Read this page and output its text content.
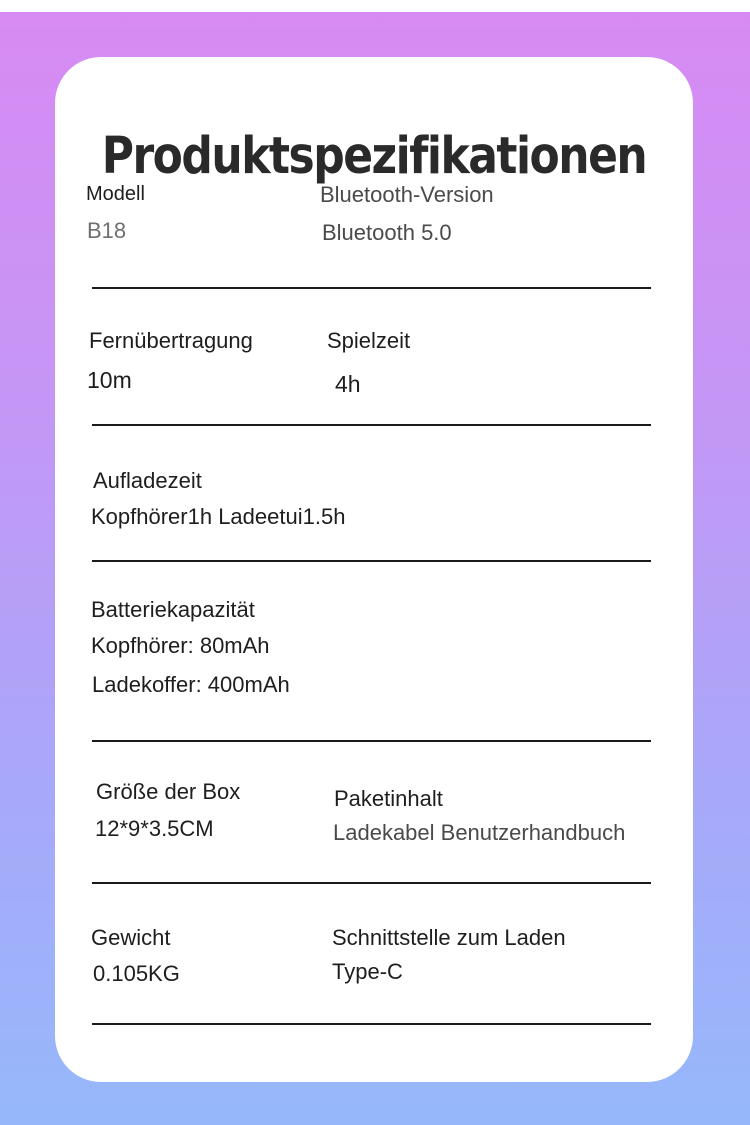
Produktspezifikationen
Modell
B18
Bluetooth-Version
Bluetooth 5.0
Fernübertragung
10m
Spielzeit
4h
Aufladezeit
Kopfhörer1h Ladeetui1.5h
Batteriekapazität
Kopfhörer: 80mAh
Ladekoffer: 400mAh
Größe der Box
12*9*3.5CM
Paketinhalt
Ladekabel Benutzerhandbuch
Gewicht
0.105KG
Schnittstelle zum Laden
Type-C
